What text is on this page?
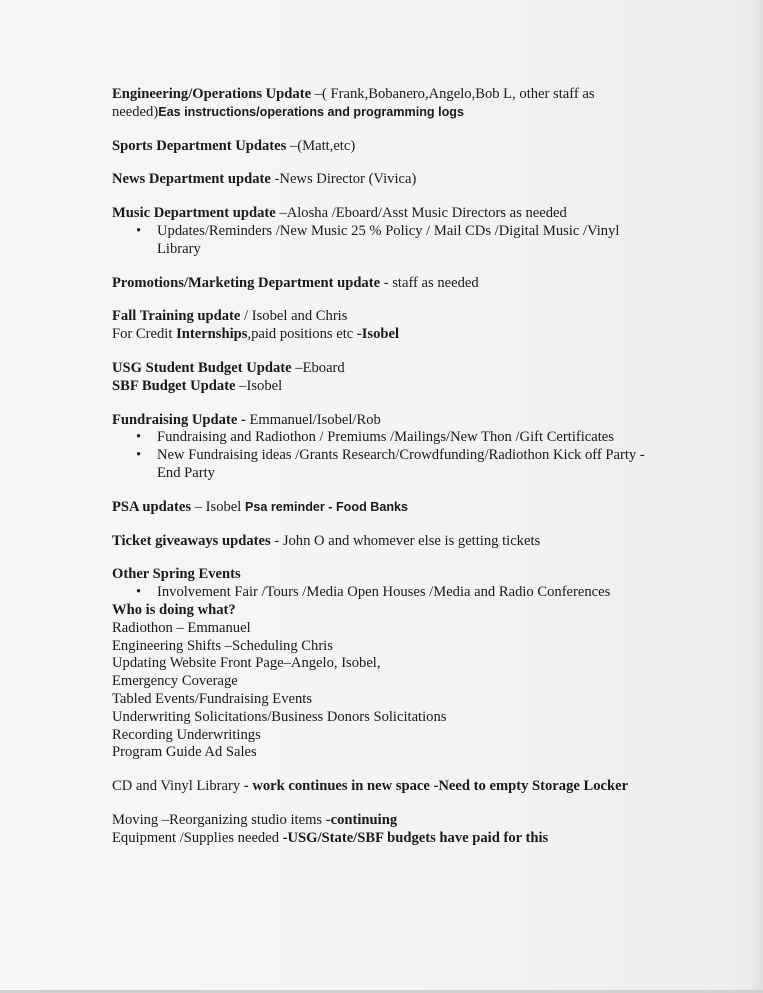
Engineering/Operations Update –( Frank,Bobanero,Angelo,Bob L, other staff as needed)Eas instructions/operations and programming logs

Sports Department Updates –(Matt,etc)

News Department update -News Director (Vivica)

Music Department update –Alosha /Eboard/Asst Music Directors as needed
• Updates/Reminders /New Music 25 % Policy / Mail CDs /Digital Music /Vinyl Library

Promotions/Marketing Department update - staff as needed

Fall Training update / Isobel and Chris
For Credit Internships,paid positions etc -Isobel
USG Student Budget Update –Eboard
SBF Budget Update –Isobel
Fundraising Update - Emmanuel/Isobel/Rob
• Fundraising and Radiothon / Premiums /Mailings/New Thon /Gift Certificates
• New Fundraising ideas /Grants Research/Crowdfunding/Radiothon Kick off Party -End Party

PSA updates – Isobel Psa reminder - Food Banks

Ticket giveaways updates - John O and whomever else is getting tickets

Other Spring Events
• Involvement Fair /Tours /Media Open Houses /Media and Radio Conferences
Who is doing what?
Radiothon – Emmanuel
Engineering Shifts –Scheduling Chris
Updating Website Front Page–Angelo, Isobel,
Emergency Coverage
Tabled Events/Fundraising Events
Underwriting Solicitations/Business Donors Solicitations
Recording Underwritings
Program Guide Ad Sales

CD and Vinyl Library - work continues in new space -Need to empty Storage Locker

Moving –Reorganizing studio items -continuing
Equipment /Supplies needed -USG/State/SBF budgets have paid for this
